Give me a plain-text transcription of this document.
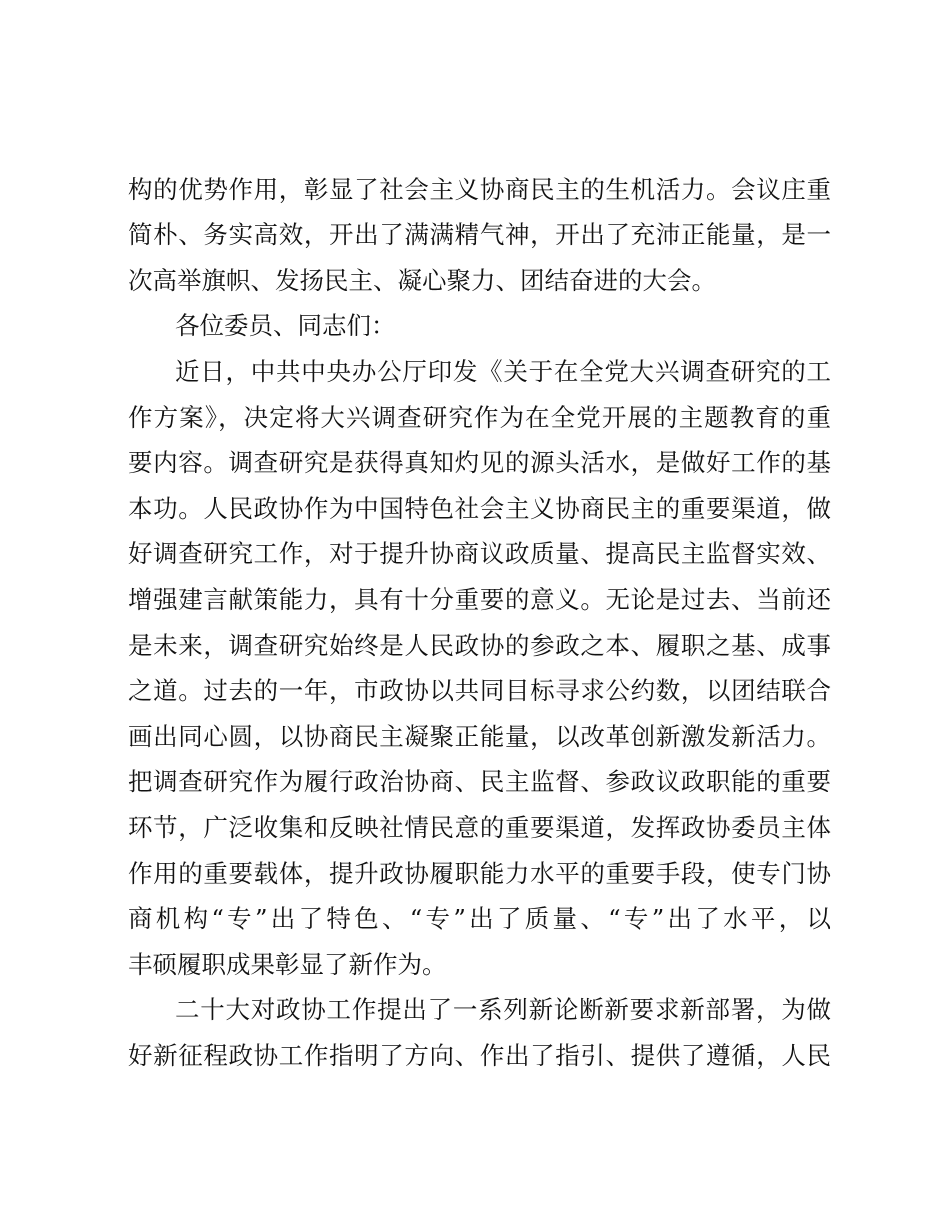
构的优势作用，彰显了社会主义协商民主的生机活力。会议庄重

简朴、务实高效，开出了满满精气神，开出了充沛正能量，是一

次高举旗帜、发扬民主、凝心聚力、团结奋进的大会。

各位委员、同志们：

近日，中共中央办公厅印发《关于在全党大兴调查研究的工

作方案》，决定将大兴调查研究作为在全党开展的主题教育的重

要内容。调查研究是获得真知灼见的源头活水，是做好工作的基

本功。人民政协作为中国特色社会主义协商民主的重要渠道，做

好调查研究工作，对于提升协商议政质量、提高民主监督实效、

增强建言献策能力，具有十分重要的意义。无论是过去、当前还

是未来，调查研究始终是人民政协的参政之本、履职之基、成事

之道。过去的一年，市政协以共同目标寻求公约数，以团结联合

画出同心圆，以协商民主凝聚正能量，以改革创新激发新活力。

把调查研究作为履行政治协商、民主监督、参政议政职能的重要

环节，广泛收集和反映社情民意的重要渠道，发挥政协委员主体

作用的重要载体，提升政协履职能力水平的重要手段，使专门协

商机构“专”出了特色、“专”出了质量、“专”出了水平，以

丰硕履职成果彰显了新作为。

二十大对政协工作提出了一系列新论断新要求新部署，为做

好新征程政协工作指明了方向、作出了指引、提供了遵循，人民
